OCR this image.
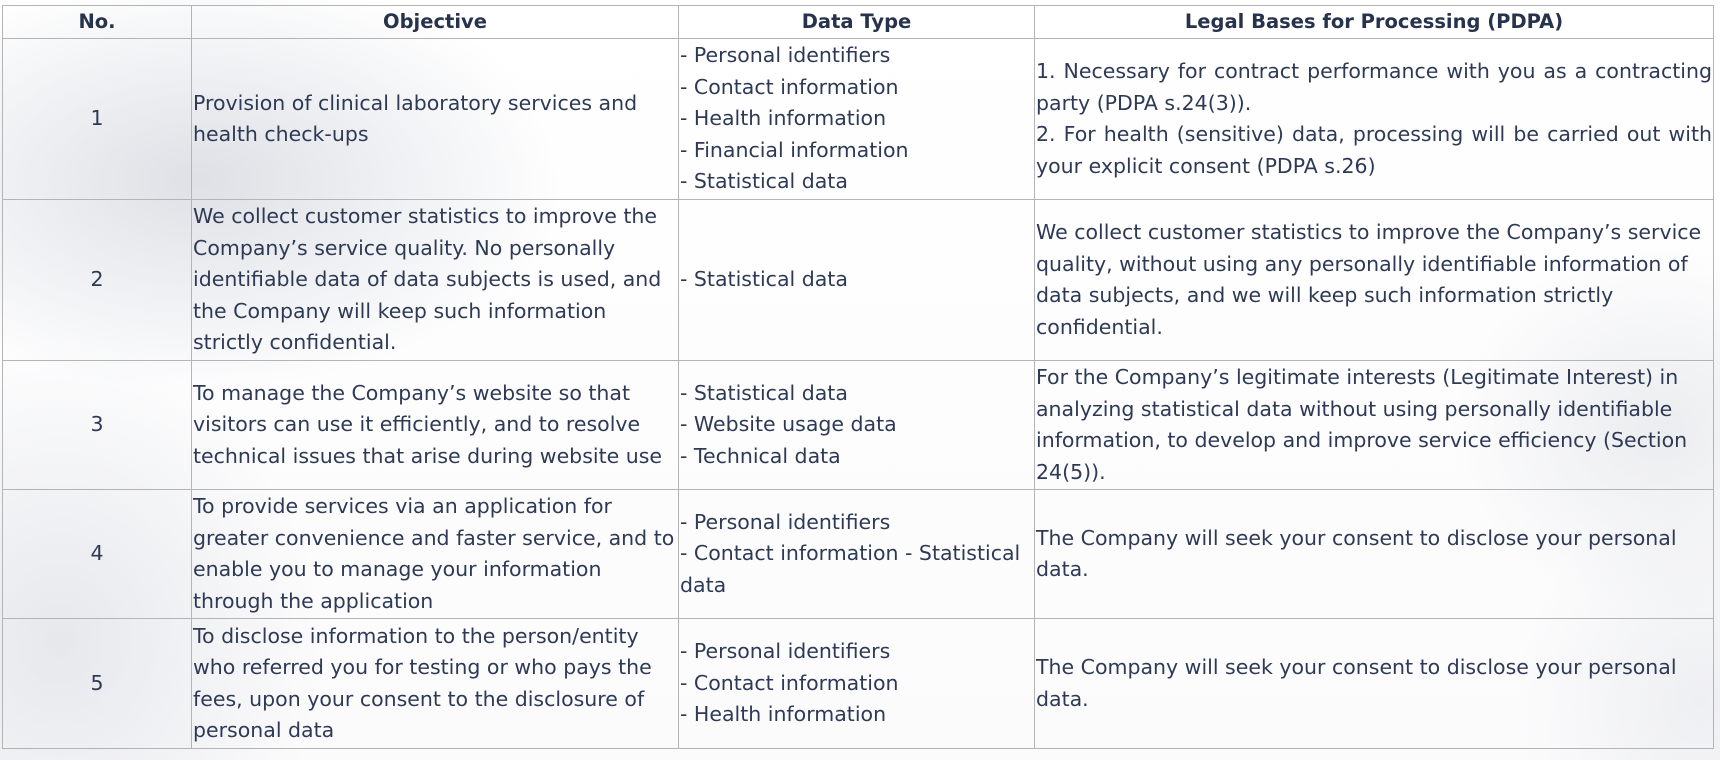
No.	Objective	Data Type	Legal Bases for Processing (PDPA)
1	Provision of clinical laboratory services and health check-ups	- Personal identifiers
- Contact information
- Health information
- Financial information
- Statistical data	1. Necessary for contract performance with you as a contracting party (PDPA s.24(3)).
2. For health (sensitive) data, processing will be carried out with your explicit consent (PDPA s.26)

2	We collect customer statistics to improve the Company’s service quality. No personally identifiable data of data subjects is used, and the Company will keep such information strictly confidential.	- Statistical data	We collect customer statistics to improve the Company’s service quality, without using any personally identifiable information of data subjects, and we will keep such information strictly confidential.

3	To manage the Company’s website so that visitors can use it efficiently, and to resolve technical issues that arise during website use	- Statistical data
- Website usage data
- Technical data	For the Company’s legitimate interests (Legitimate Interest) in analyzing statistical data without using personally identifiable information, to develop and improve service efficiency (Section 24(5)).

4	To provide services via an application for greater convenience and faster service, and to enable you to manage your information through the application	- Personal identifiers
- Contact information - Statistical data	The Company will seek your consent to disclose your personal data.

5	To disclose information to the person/entity who referred you for testing or who pays the fees, upon your consent to the disclosure of personal data	- Personal identifiers
- Contact information
- Health information	The Company will seek your consent to disclose your personal data.
